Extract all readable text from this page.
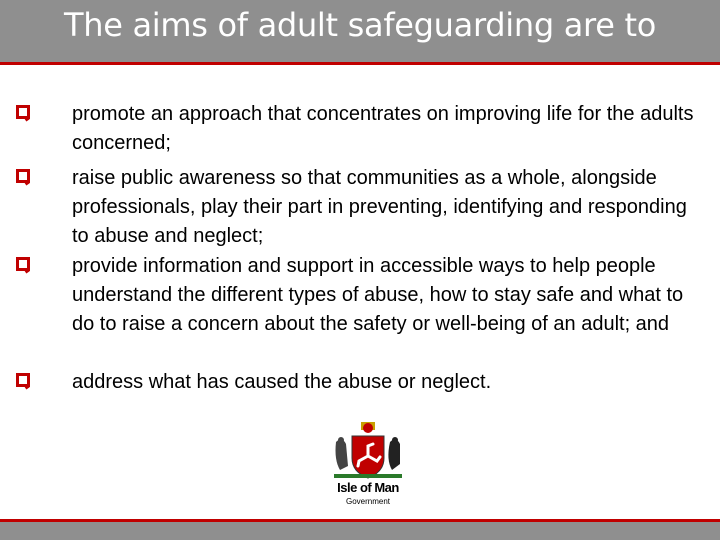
The aims of adult safeguarding are to
promote an approach that concentrates on improving life for the adults concerned;
raise public awareness so that communities as a whole, alongside professionals, play their part in preventing, identifying and responding to abuse and neglect;
provide information and support in accessible ways to help people understand the different types of abuse, how to stay safe and what to do to raise a concern about the safety or well-being of an adult; and
address what has caused the abuse or neglect.
Isle of Man
Government
